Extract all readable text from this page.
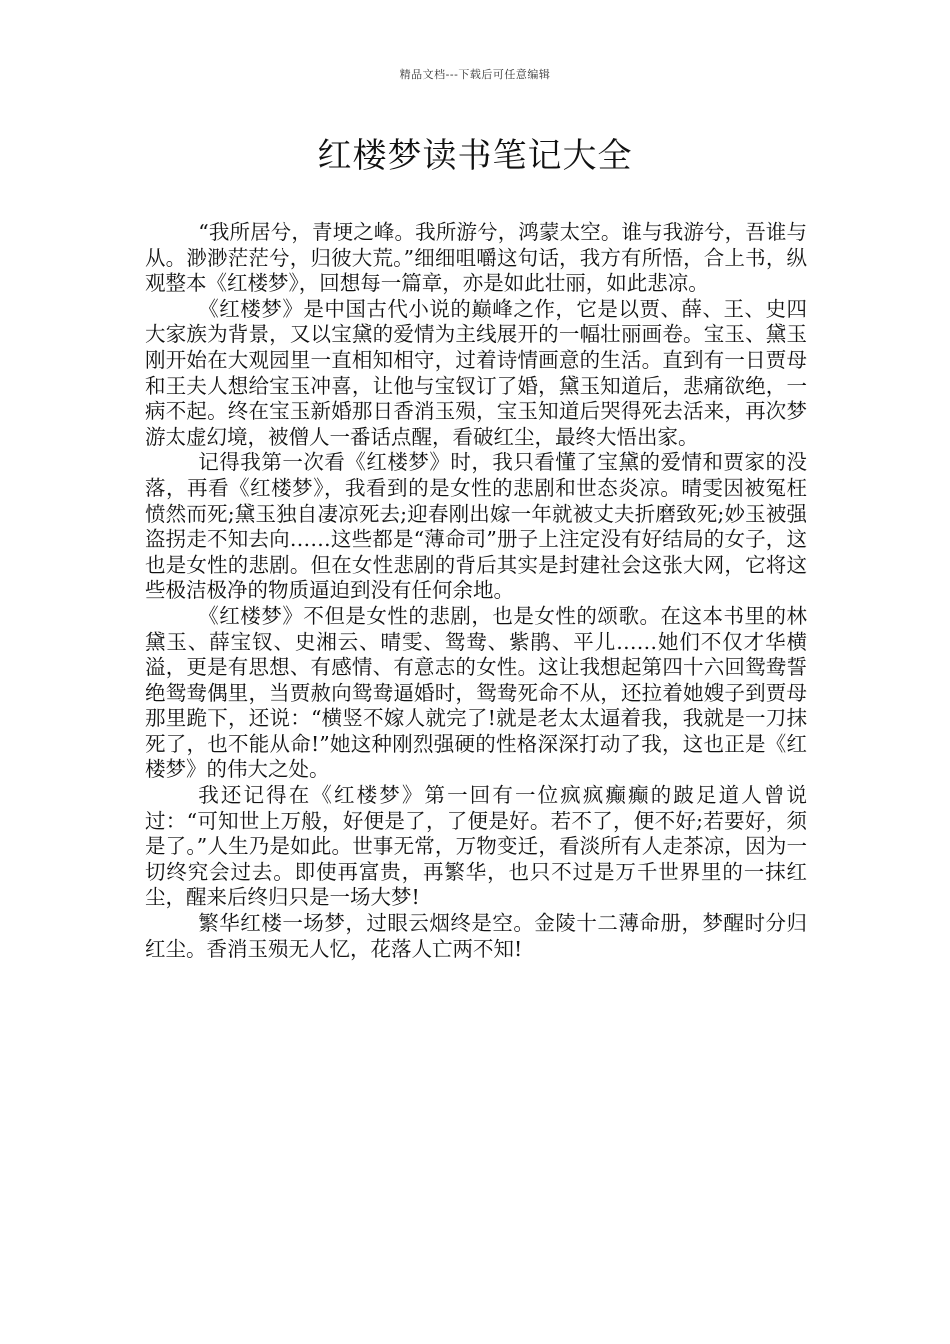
精品文档---下载后可任意编辑
红楼梦读书笔记大全

“我所居兮，青埂之峰。我所游兮，鸿蒙太空。谁与我游兮，吾谁与从。渺渺茫茫兮，归彼大荒。”细细咀嚼这句话，我方有所悟，合上书，纵观整本《红楼梦》，回想每一篇章，亦是如此壮丽，如此悲凉。

《红楼梦》是中国古代小说的巅峰之作，它是以贾、薛、王、史四大家族为背景，又以宝黛的爱情为主线展开的一幅壮丽画卷。宝玉、黛玉刚开始在大观园里一直相知相守，过着诗情画意的生活。直到有一日贾母和王夫人想给宝玉冲喜，让他与宝钗订了婚，黛玉知道后，悲痛欲绝，一病不起。终在宝玉新婚那日香消玉殒，宝玉知道后哭得死去活来，再次梦游太虚幻境，被僧人一番话点醒，看破红尘，最终大悟出家。

记得我第一次看《红楼梦》时，我只看懂了宝黛的爱情和贾家的没落，再看《红楼梦》，我看到的是女性的悲剧和世态炎凉。晴雯因被冤枉愤然而死;黛玉独自凄凉死去;迎春刚出嫁一年就被丈夫折磨致死;妙玉被强盗拐走不知去向……这些都是“薄命司”册子上注定没有好结局的女子，这也是女性的悲剧。但在女性悲剧的背后其实是封建社会这张大网，它将这些极洁极净的物质逼迫到没有任何余地。

《红楼梦》不但是女性的悲剧，也是女性的颂歌。在这本书里的林黛玉、薛宝钗、史湘云、晴雯、鸳鸯、紫鹃、平儿……她们不仅才华横溢，更是有思想、有感情、有意志的女性。这让我想起第四十六回鸳鸯誓绝鸳鸯偶里，当贾赦向鸳鸯逼婚时，鸳鸯死命不从，还拉着她嫂子到贾母那里跪下，还说：“横竖不嫁人就完了!就是老太太逼着我，我就是一刀抹死了，也不能从命!”她这种刚烈强硬的性格深深打动了我，这也正是《红楼梦》的伟大之处。

我还记得在《红楼梦》第一回有一位疯疯癫癫的跛足道人曾说过：“可知世上万般，好便是了，了便是好。若不了，便不好;若要好，须是了。”人生乃是如此。世事无常，万物变迁，看淡所有人走茶凉，因为一切终究会过去。即使再富贵，再繁华，也只不过是万千世界里的一抹红尘，醒来后终归只是一场大梦!

繁华红楼一场梦，过眼云烟终是空。金陵十二薄命册，梦醒时分归红尘。香消玉殒无人忆，花落人亡两不知!
